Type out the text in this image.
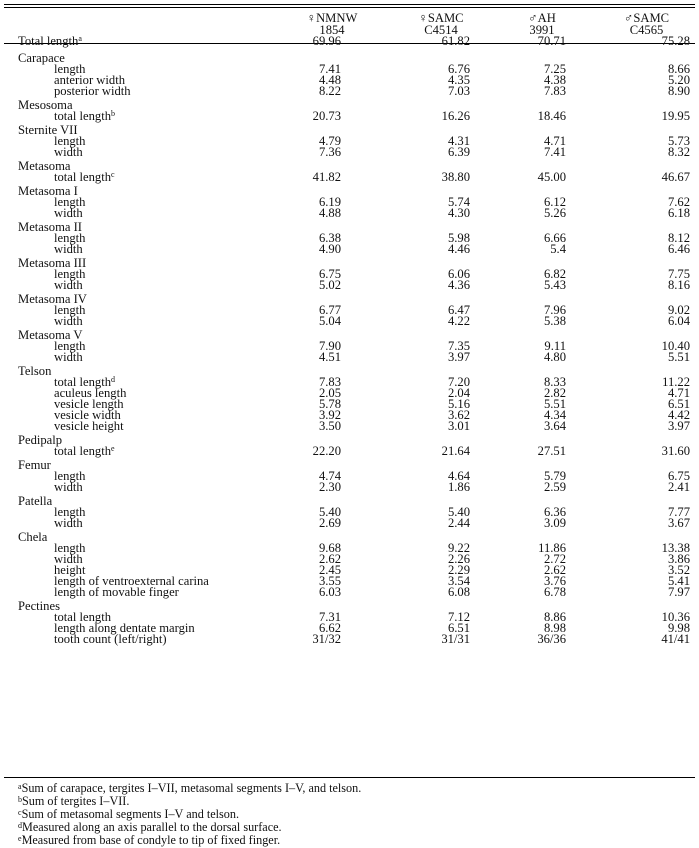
	♀NMNW	♀SAMC	♂AH	♂SAMC
	1854	C4514	3991	C4565
Total length$^a$	69.96	61.82	70.71	75.28

Carapace				
length	7.41	6.76	7.25	8.66
anterior width	4.48	4.35	4.38	5.20
posterior width	8.22	7.03	7.83	8.90

Mesosoma				
total length$^b$	20.73	16.26	18.46	19.95

Sternite VII				
length	4.79	4.31	4.71	5.73
width	7.36	6.39	7.41	8.32

Metasoma				
total length$^c$	41.82	38.80	45.00	46.67

Metasoma I				
length	6.19	5.74	6.12	7.62
width	4.88	4.30	5.26	6.18

Metasoma II				
length	6.38	5.98	6.66	8.12
width	4.90	4.46	5.4	6.46

Metasoma III				
length	6.75	6.06	6.82	7.75
width	5.02	4.36	5.43	8.16

Metasoma IV				
length	6.77	6.47	7.96	9.02
width	5.04	4.22	5.38	6.04

Metasoma V				
length	7.90	7.35	9.11	10.40
width	4.51	3.97	4.80	5.51

Telson				
total length$^d$	7.83	7.20	8.33	11.22
aculeus length	2.05	2.04	2.82	4.71
vesicle length	5.78	5.16	5.51	6.51
vesicle width	3.92	3.62	4.34	4.42
vesicle height	3.50	3.01	3.64	3.97

Pedipalp				
total length$^e$	22.20	21.64	27.51	31.60

Femur				
length	4.74	4.64	5.79	6.75
width	2.30	1.86	2.59	2.41

Patella				
length	5.40	5.40	6.36	7.77
width	2.69	2.44	3.09	3.67

Chela				
length	9.68	9.22	11.86	13.38
width	2.62	2.26	2.72	3.86
height	2.45	2.29	2.62	3.52
length of ventroexternal carina	3.55	3.54	3.76	5.41
length of movable finger	6.03	6.08	6.78	7.97

Pectines				
total length	7.31	7.12	8.86	10.36
length along dentate margin	6.62	6.51	8.98	9.98
tooth count (left/right)	31/32	31/31	36/36	41/41
$^a$Sum of carapace, tergites I–VII, metasomal segments I–V, and telson.
$^b$Sum of tergites I–VII.
$^c$Sum of metasomal segments I–V and telson.
$^d$Measured along an axis parallel to the dorsal surface.
$^e$Measured from base of condyle to tip of fixed finger.
